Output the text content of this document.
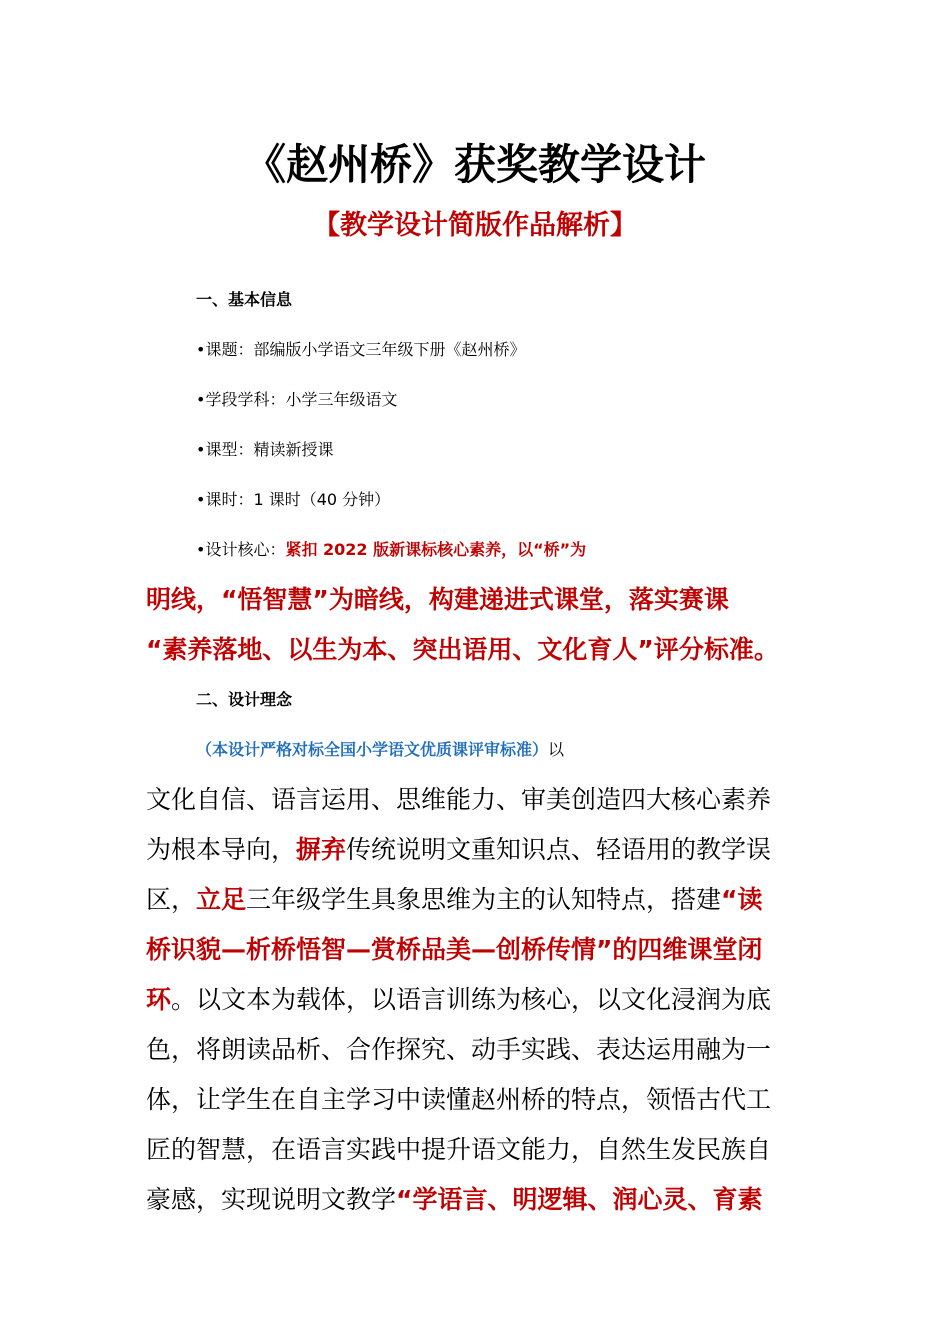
《赵州桥》获奖教学设计
【教学设计简版作品解析】
一、基本信息
•课题：部编版小学语文三年级下册《赵州桥》
•学段学科：小学三年级语文
•课型：精读新授课
•课时：1 课时（40 分钟）
•设计核心：紧扣 2022 版新课标核心素养，以“桥”为
明线，“悟智慧”为暗线，构建递进式课堂，落实赛课
“素养落地、以生为本、突出语用、文化育人”评分标准。
二、设计理念
（本设计严格对标全国小学语文优质课评审标准）以
文化自信、语言运用、思维能力、审美创造四大核心素养
为根本导向，摒弃传统说明文重知识点、轻语用的教学误
区，立足三年级学生具象思维为主的认知特点，搭建“读
桥识貌—析桥悟智—赏桥品美—创桥传情”的四维课堂闭
环。以文本为载体，以语言训练为核心，以文化浸润为底
色，将朗读品析、合作探究、动手实践、表达运用融为一
体，让学生在自主学习中读懂赵州桥的特点，领悟古代工
匠的智慧，在语言实践中提升语文能力，自然生发民族自
豪感，实现说明文教学“学语言、明逻辑、润心灵、育素
